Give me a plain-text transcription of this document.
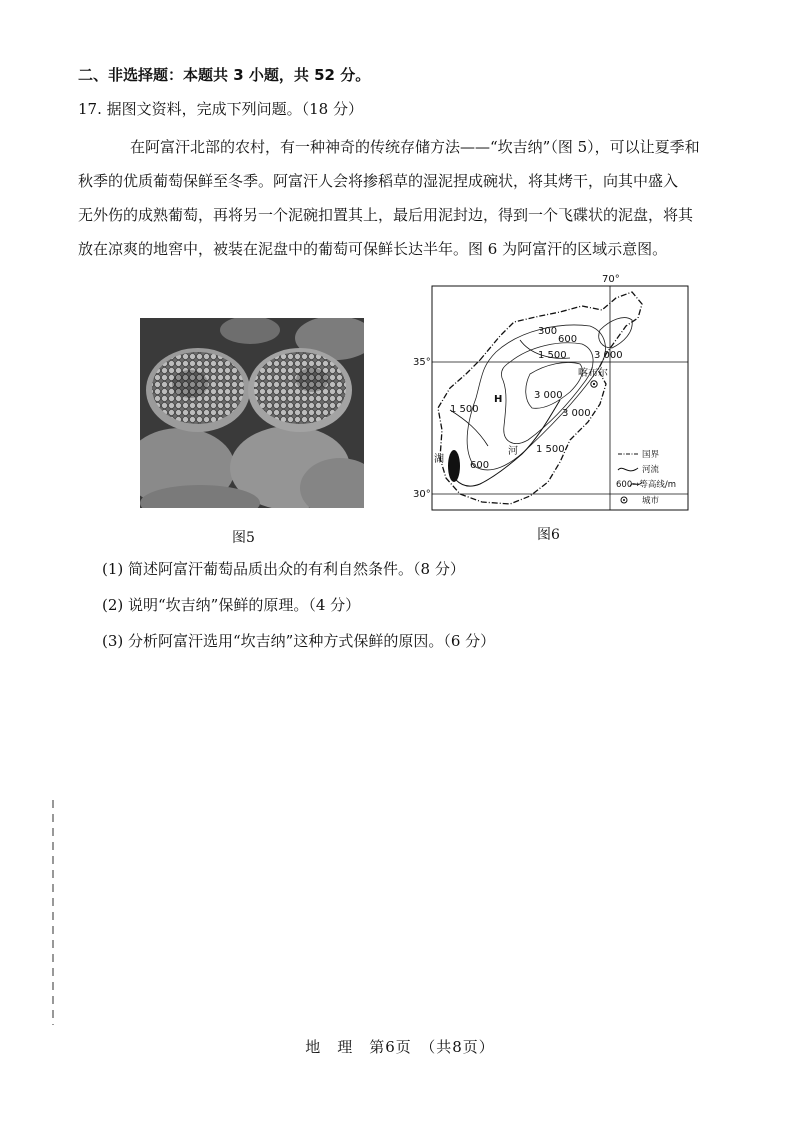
二、非选择题：本题共 3 小题，共 52 分。
17. 据图文资料，完成下列问题。（18 分）
在阿富汗北部的农村，有一种神奇的传统存储方法——“坎吉纳”（图 5），可以让夏季和
秋季的优质葡萄保鲜至冬季。阿富汗人会将掺稻草的湿泥捏成碗状，将其烤干，向其中盛入
无外伤的成熟葡萄，再将另一个泥碗扣置其上，最后用泥封边，得到一个飞碟状的泥盘，将其
放在凉爽的地窖中，被装在泥盘中的葡萄可保鲜长达半年。图 6 为阿富汗的区域示意图。
图5
70°
35°
30°
300
600
1 500	3 000
1 500
3 000
3 000
1 500
600
H
喀布尔
河
湖	国界
河流
600→等高线/m
城市
图6
(1) 简述阿富汗葡萄品质出众的有利自然条件。（8 分）
(2) 说明“坎吉纳”保鲜的原理。（4 分）
(3) 分析阿富汗选用“坎吉纳”这种方式保鲜的原因。（6 分）
地　理　第6页　（共8页）
